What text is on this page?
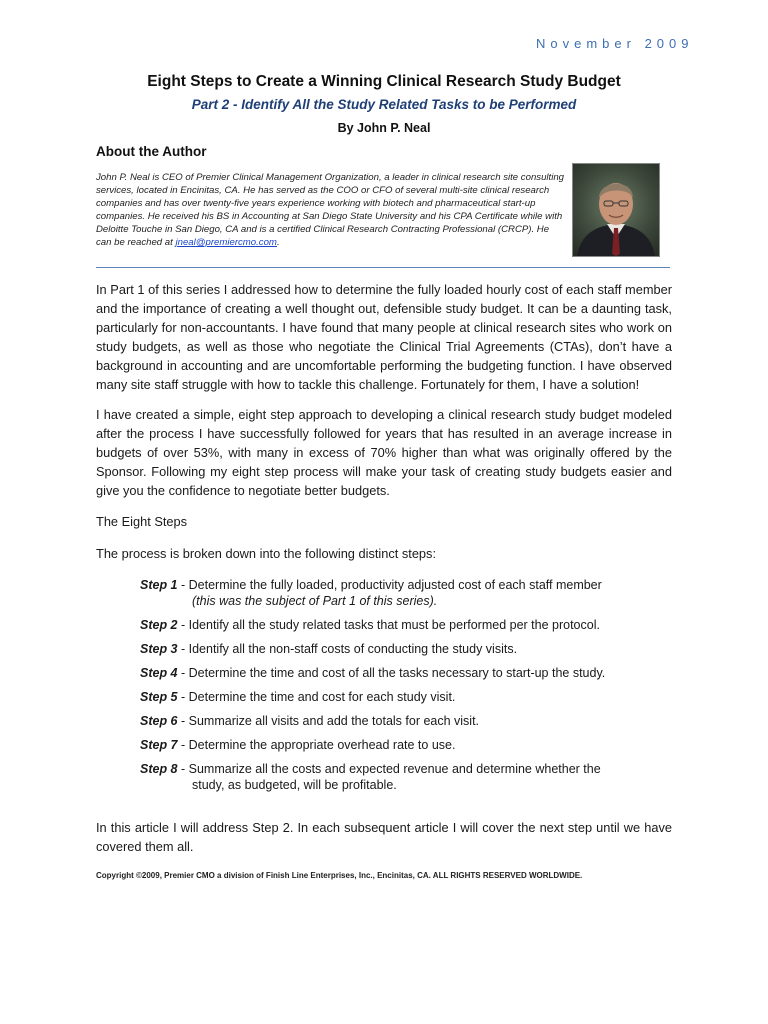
November 2009
Eight Steps to Create a Winning Clinical Research Study Budget
Part 2 - Identify All the Study Related Tasks to be Performed
By John P. Neal
About the Author
John P. Neal is CEO of Premier Clinical Management Organization, a leader in clinical research site consulting services, located in Encinitas, CA. He has served as the COO or CFO of several multi-site clinical research companies and has over twenty-five years experience working with biotech and pharmaceutical start-up companies. He received his BS in Accounting at San Diego State University and his CPA Certificate while with Deloitte Touche in San Diego, CA and is a certified Clinical Research Contracting Professional (CRCP). He can be reached at jneal@premiercmo.com.
In Part 1 of this series I addressed how to determine the fully loaded hourly cost of each staff member and the importance of creating a well thought out, defensible study budget. It can be a daunting task, particularly for non-accountants. I have found that many people at clinical research sites who work on study budgets, as well as those who negotiate the Clinical Trial Agreements (CTAs), don’t have a background in accounting and are uncomfortable performing the budgeting function. I have observed many site staff struggle with how to tackle this challenge. Fortunately for them, I have a solution!
I have created a simple, eight step approach to developing a clinical research study budget modeled after the process I have successfully followed for years that has resulted in an average increase in budgets of over 53%, with many in excess of 70% higher than what was originally offered by the Sponsor. Following my eight step process will make your task of creating study budgets easier and give you the confidence to negotiate better budgets.
The Eight Steps
The process is broken down into the following distinct steps:
Step 1 - Determine the fully loaded, productivity adjusted cost of each staff member
(this was the subject of Part 1 of this series).
Step 2 - Identify all the study related tasks that must be performed per the protocol.
Step 3 - Identify all the non-staff costs of conducting the study visits.
Step 4 - Determine the time and cost of all the tasks necessary to start-up the study.
Step 5 - Determine the time and cost for each study visit.
Step 6 - Summarize all visits and add the totals for each visit.
Step 7 - Determine the appropriate overhead rate to use.
Step 8 - Summarize all the costs and expected revenue and determine whether the study, as budgeted, will be profitable.
In this article I will address Step 2. In each subsequent article I will cover the next step until we have covered them all.
Copyright ©2009, Premier CMO a division of Finish Line Enterprises, Inc., Encinitas, CA. ALL RIGHTS RESERVED WORLDWIDE.
